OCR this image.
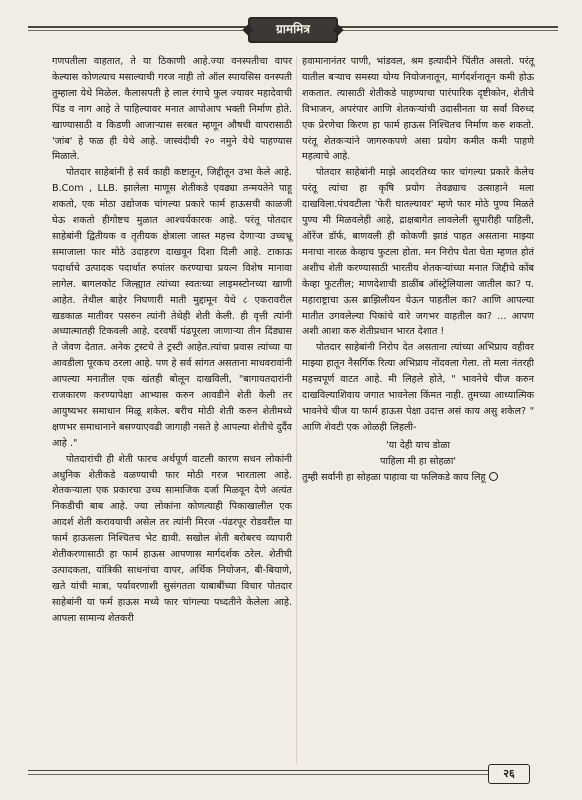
ग्राममित्र

गणपतीला वाहतात, ते या ठिकाणी आहे.ज्या वनस्पतीचा वापर केल्यास कोणत्याच मसाल्याची गरज नाही तो ऑल स्पायसिस वनस्पती तुम्हाला येथे मिळेल. कैलासपती हे लाल रंगाचे फुल ज्यावर महादेवाची पिंड व नाग आहे ते पाहिल्यावर मनात आपोआप भक्ती निर्माण होते. खाण्यासाठी व किडणी आजाऱ्यास सरबत म्हणून औषधी वापरासाठी 'जांब' हे फळ ही येथे आहे. जास्वंदीची २० नमुने येथे पाहण्यास मिळाले.

पोतदार साहेबांनी हे सर्व काही कष्टातून, जिद्दीतून उभा केले आहे. B.Com , LLB. झालेला माणूस शेतीकडे एवढ्या तन्मयतेने पाहू शकतो, एक मोठा उद्योजक चांगल्या प्रकारे फार्म हाऊसची काळजी घेऊ शकतो हीगोष्टच मुळात आश्चर्यकारक आहे. परंतू पोतदार साहेबांनी द्वितीयक व तृतीयक क्षेत्राला जास्त महत्त्व देणाऱ्या उच्चभ्रू समाजाला फार मोठे उदाहरण दाखवून दिशा दिली आहे. टाकाऊ पदार्थाचे उत्पादक पदार्थात रुपांतर करण्याचा प्रयत्न विशेष मानावा लागेल. बागलकोट जिल्ह्यात त्यांच्या स्वतःच्या लाइमस्टोनच्या खाणी आहेत. तेथील बाहेर निघणारी माती मुद्दामून येथे ८ एकरावरील खडकाळ मातीवर पसरुन त्यांनी तेथेही शेती केली. ही वृत्ती त्यांनी अध्यात्मातही टिकवली आहे. दरवर्षी पंढपूरला जाणाऱ्या तीन दिंड्यास ते जेवण देतात. अनेक ट्रस्टचे ते ट्रस्टी आहेत.त्यांचा प्रवास त्यांच्या या आवडीला पूरकच ठरला आहे. पण हे सर्व सांगत असताना माधवरावांनी आपल्या मनातील एक खंतही बोलून दाखविली, "बागायतदारांनी राजकारण करण्यापेक्षा आभ्यास करुन आवडीने शेती केली तर आयुष्यभर समाधान मिळू शकेल. बरीच मोठी शेती करुन शेतीमध्ये क्षणभर समाधानाने बसण्याएवढी जागाही नसते हे आपल्या शेतीचे दुर्दैव आहे ."

पोतदारांची ही शेती फारच अर्थपूर्ण वाटली कारण सधन लोकांनी अधुनिक शेतीकडे वळण्याची फार मोठी गरज भारताला आहे. शेतकऱ्याला एक प्रकारचा उच्च सामाजिक दर्जा मिळवून देणे अत्यंत निकडीची बाब आहे. ज्या लोकांना कोणत्याही पिकाखालील एक आदर्श शेती करावयाची असेल तर त्यांनी मिरज -पंढरपूर रोडवरील या फार्म हाऊसला निश्चितच भेट द्यावी. सखोल शेती बरोबरच व्यापारी शेतीकरणासाठी हा फार्म हाऊस आपणास मार्गदर्शक ठरेल. शेतीची उत्पादकता, यांत्रिकी साधनांचा वापर, अर्थिक नियोजन, बी-बियाणे, खते यांची मात्रा, पर्यावरणाशी सुसंगतता याबाबींच्या विचार पोतदार साहेबांनी या फर्म हाऊस मध्ये फार चांगल्या पध्दतीने केलेला आहे. आपला सामान्य शेतकरी

हवामानानंतर पाणी, भांडवल, श्रम इत्यादीने चिंतीत असतो. परंतू यातील बऱ्याच समस्या योग्य नियोजनातून, मार्गदर्शनातून कमी होऊ शकतात. त्यासाठी शेतीकडे पाहण्याचा पारंपारिक दृष्टीकोन, शेतीचे विभाजन, अपरंपार आणि शेतकऱ्यांची उदासीनता या सर्वां विरुध्द एक प्रेरणेचा किरण हा फार्म हाऊस निश्चितच निर्माण करु शकतो. परंतू शेतकऱ्यांने जागरुकपणे असा प्रयोग कमीत कमी पाहणे महत्वाचे आहे.

पोतदार साहेबांनी माझे आदरतिथ्य फार चांगल्या प्रकारे केलेच परंतू त्यांचा हा कृषि प्रयोग तेवढ्याच उत्साहाने मला दाखविला.पंचवटीला 'फेरी घातल्यावर' म्हणे फार मोठे पुण्य मिळते पुण्य मी मिळवलेही आहे, द्राक्षबागेत लावलेली सुपारीही पाहिली, ऑरेंज डॉर्फ, बाणवली ही कोकणी झाडं पाहत असताना माझ्या मनाचा नारळ केव्हाच फुटला होता. मन निरोप घेता घेता म्हणत होतं अशीच शेती करण्यासाठी भारतीय शेतकऱ्यांच्या मनात जिद्दीचे कोंब केव्हा फुटतील; माणदेशाची डाळींब ऑस्ट्रेलियाला जातील का? प. महाराष्ट्राचा ऊस ब्राझिलीयन येऊन पाहतील का? आणि आपल्या मातीत उगवलेल्या पिकांचे वारे जगभर वाहतील का? ... आपण अशी आशा करु शेतीप्रधान भारत देशात !

पोतदार साहेबांनी निरोप देत असताना त्यांच्या अभिप्राय वहीवर माझ्या हातून नैसर्गिक रित्या अभिप्राय नोंदवला गेला. तो मला नंतरही महत्त्वपूर्ण वाटत आहे. मी लिहले होते, " भावनेचे चीज करुन दाखविल्याशिवाय जगात भावनेला किंमत नाही. तुमच्या आध्यात्मिक भावनेचे चीज या फार्म हाऊस पेक्षा उदात्त असं काय असु शकेल? " आणि शेवटी एक ओळही लिहली-

'या देही याच डोळा
पाहिला मी हा सोहळा'

तुम्ही सर्वांनी हा सोहळा पाहावा या फलिकडे काय लिहू

२६
